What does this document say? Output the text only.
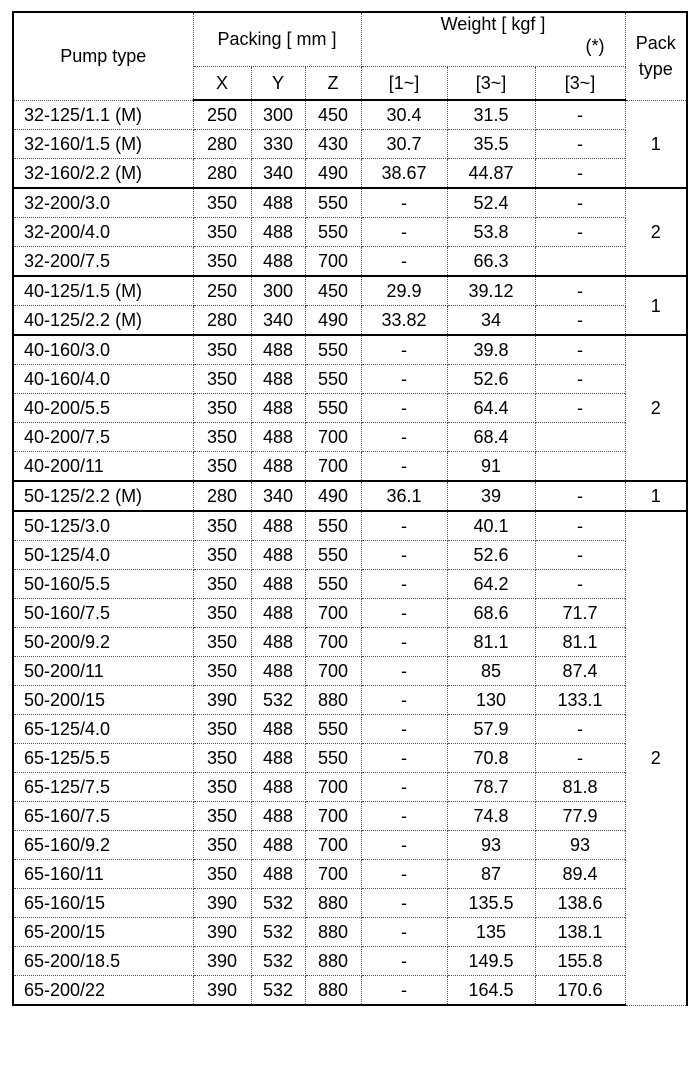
Pump type	Packing [ mm ]			Weight [ kgf ]
(*)			Pack type
	X	Y	Z	[1~]	[3~]	[3~]	
32-125/1.1 (M)	250	300	450	30.4	31.5	-	1
32-160/1.5 (M)	280	330	430	30.7	35.5	-	
32-160/2.2 (M)	280	340	490	38.67	44.87	-	
32-200/3.0	350	488	550	-	52.4	-	2
32-200/4.0	350	488	550	-	53.8	-	
32-200/7.5	350	488	700	-	66.3		
40-125/1.5 (M)	250	300	450	29.9	39.12	-	1
40-125/2.2 (M)	280	340	490	33.82	34	-	
40-160/3.0	350	488	550	-	39.8	-	2
40-160/4.0	350	488	550	-	52.6	-	
40-200/5.5	350	488	550	-	64.4	-	
40-200/7.5	350	488	700	-	68.4		
40-200/11	350	488	700	-	91		
50-125/2.2 (M)	280	340	490	36.1	39	-	1
50-125/3.0	350	488	550	-	40.1	-	2
50-125/4.0	350	488	550	-	52.6	-	
50-160/5.5	350	488	550	-	64.2	-	
50-160/7.5	350	488	700	-	68.6	71.7	
50-200/9.2	350	488	700	-	81.1	81.1	
50-200/11	350	488	700	-	85	87.4	
50-200/15	390	532	880	-	130	133.1	
65-125/4.0	350	488	550	-	57.9	-	
65-125/5.5	350	488	550	-	70.8	-	
65-125/7.5	350	488	700	-	78.7	81.8	
65-160/7.5	350	488	700	-	74.8	77.9	
65-160/9.2	350	488	700	-	93	93	
65-160/11	350	488	700	-	87	89.4	
65-160/15	390	532	880	-	135.5	138.6	
65-200/15	390	532	880	-	135	138.1	
65-200/18.5	390	532	880	-	149.5	155.8	
65-200/22	390	532	880	-	164.5	170.6	
